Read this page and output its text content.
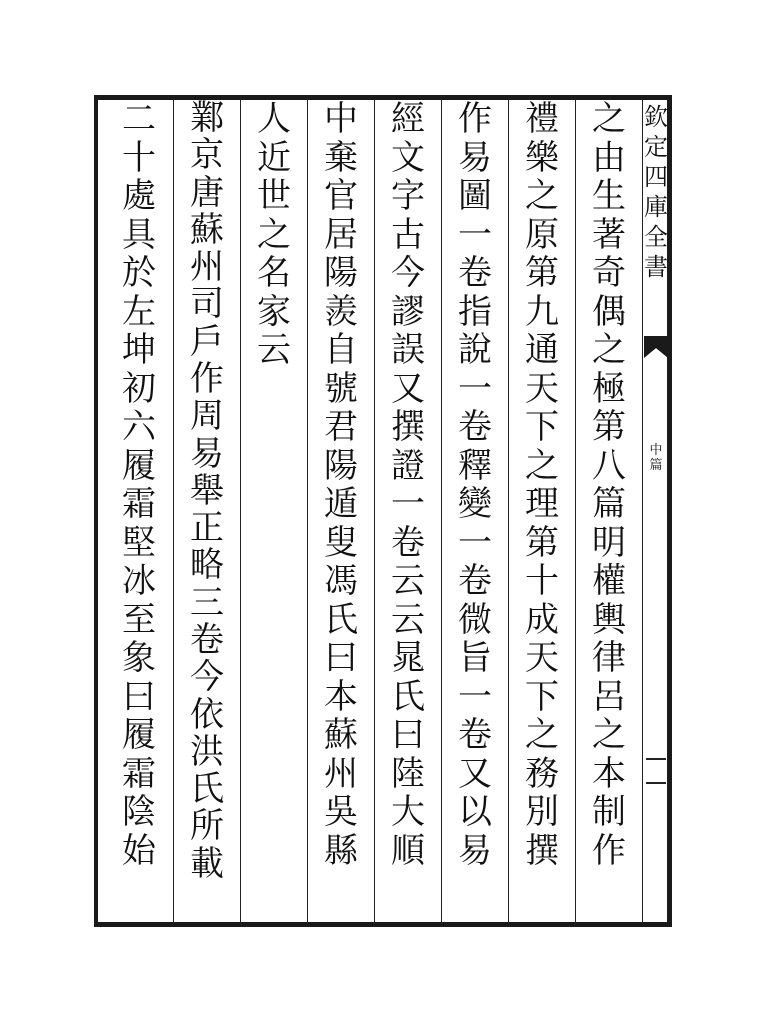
欽
定
四
庫
全
書
中
篇
之
由
生
著
奇
偶
之
極
第
八
篇
明
權
輿
律
呂
之
本
制
作
禮
樂
之
原
第
九
通
天
下
之
理
第
十
成
天
下
之
務
別
撰
作
易
圖
一
卷
指
說
一
卷
釋
變
一
卷
微
旨
一
卷
又
以
易
經
文
字
古
今
謬
誤
又
撰
證
一
卷
云
云
晁
氏
曰
陸
大
順
中
棄
官
居
陽
羨
自
號
君
陽
遁
叟
馮
氏
曰
本
蘇
州
吳
縣
人
近
世
之
名
家
云
鄴
京
唐
蘇
州
司
戶
作
周
易
舉
正
略
三
卷
今
依
洪
氏
所
載
二
十
處
具
於
左
坤
初
六
履
霜
堅
冰
至
象
曰
履
霜
陰
始
